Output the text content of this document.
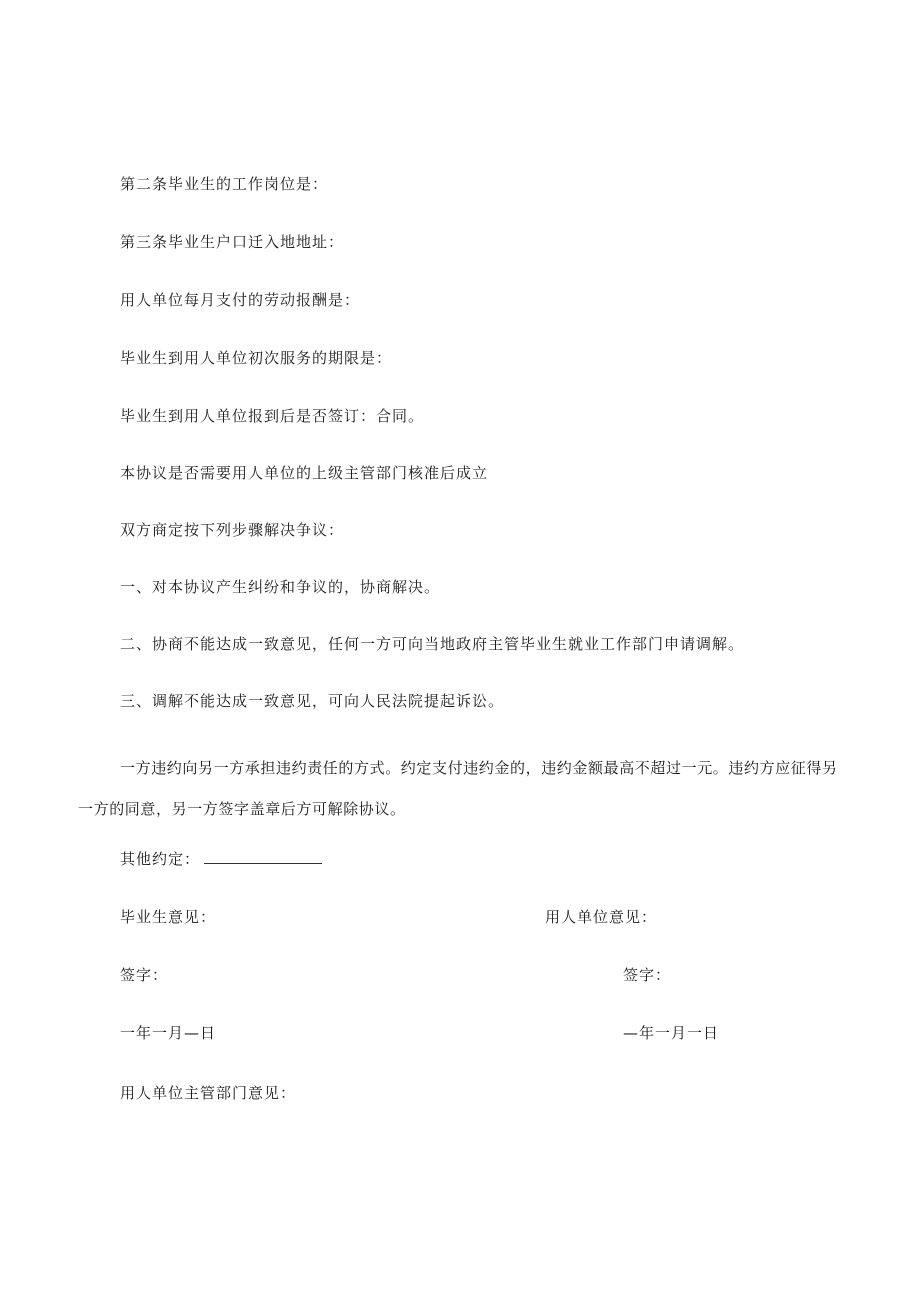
第二条毕业生的工作岗位是：
第三条毕业生户口迁入地地址：
用人单位每月支付的劳动报酬是：
毕业生到用人单位初次服务的期限是：
毕业生到用人单位报到后是否签订：合同。
本协议是否需要用人单位的上级主管部门核准后成立
双方商定按下列步骤解决争议：
一、对本协议产生纠纷和争议的，协商解决。
二、协商不能达成一致意见，任何一方可向当地政府主管毕业生就业工作部门申请调解。
三、调解不能达成一致意见，可向人民法院提起诉讼。
一方违约向另一方承担违约责任的方式。约定支付违约金的，违约金额最高不超过一元。违约方应征得另一方的同意，另一方签字盖章后方可解除协议。
其他约定：
毕业生意见：	用人单位意见：
签字：	签字：
一年一月—日	—年一月一日
用人单位主管部门意见：
